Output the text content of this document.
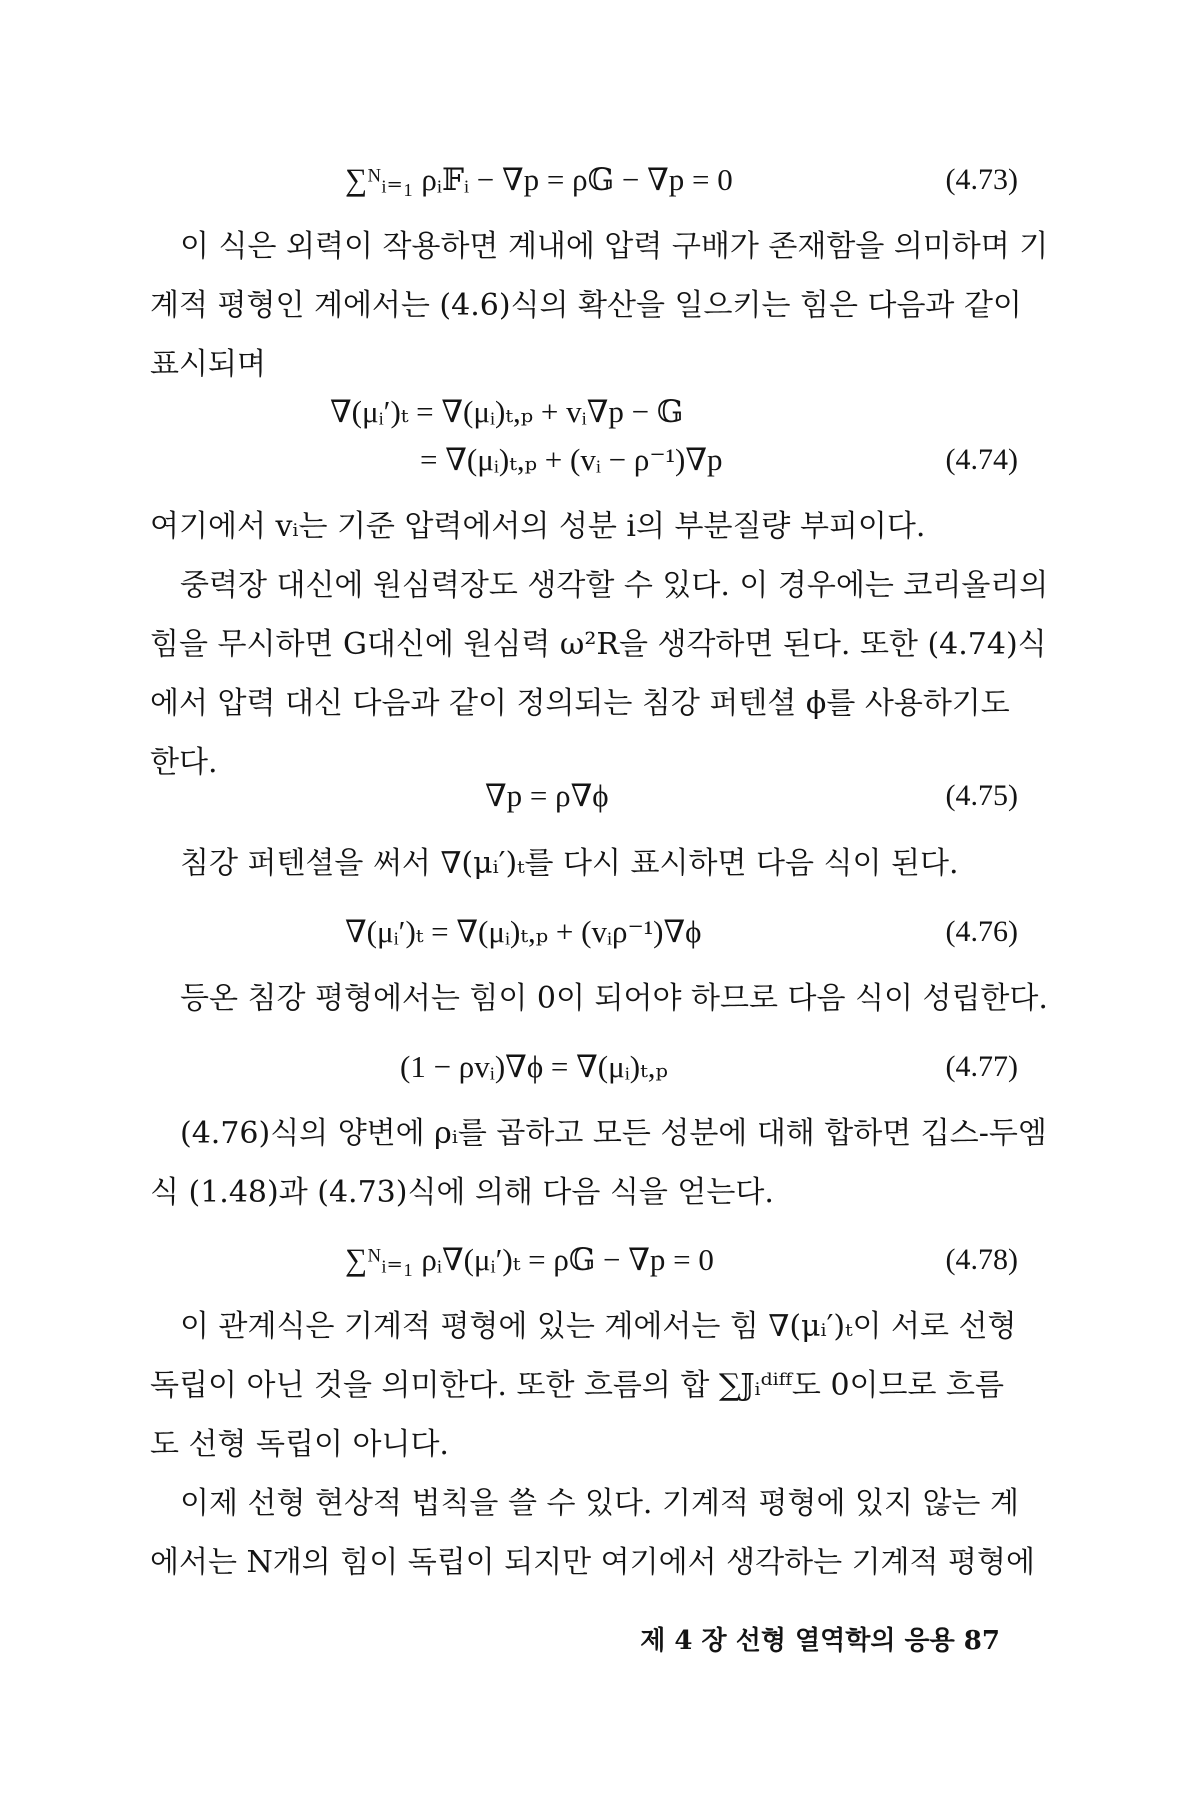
∑ᴺᵢ₌₁ ρᵢ𝔽ᵢ − ∇p = ρ𝔾 − ∇p = 0	(4.73)
이 식은 외력이 작용하면 계내에 압력 구배가 존재함을 의미하며 기
계적 평형인 계에서는 (4.6)식의 확산을 일으키는 힘은 다음과 같이
표시되며
∇(μᵢ′)ₜ = ∇(μᵢ)ₜ,ₚ + vᵢ∇p − 𝔾
= ∇(μᵢ)ₜ,ₚ + (vᵢ − ρ⁻¹)∇p	(4.74)
여기에서 vᵢ는 기준 압력에서의 성분 i의 부분질량 부피이다.
중력장 대신에 원심력장도 생각할 수 있다. 이 경우에는 코리올리의
힘을 무시하면 G대신에 원심력 ω²R을 생각하면 된다. 또한 (4.74)식
에서 압력 대신 다음과 같이 정의되는 침강 퍼텐셜 ϕ를 사용하기도
한다.
∇p = ρ∇ϕ	(4.75)
침강 퍼텐셜을 써서 ∇(μᵢ′)ₜ를 다시 표시하면 다음 식이 된다.
∇(μᵢ′)ₜ = ∇(μᵢ)ₜ,ₚ + (vᵢρ⁻¹)∇ϕ	(4.76)
등온 침강 평형에서는 힘이 0이 되어야 하므로 다음 식이 성립한다.
(1 − ρvᵢ)∇ϕ = ∇(μᵢ)ₜ,ₚ	(4.77)
(4.76)식의 양변에 ρᵢ를 곱하고 모든 성분에 대해 합하면 깁스-두엠
식 (1.48)과 (4.73)식에 의해 다음 식을 얻는다.
∑ᴺᵢ₌₁ ρᵢ∇(μᵢ′)ₜ = ρ𝔾 − ∇p = 0	(4.78)
이 관계식은 기계적 평형에 있는 계에서는 힘 ∇(μᵢ′)ₜ이 서로 선형
독립이 아닌 것을 의미한다. 또한 흐름의 합 ∑𝕁ᵢᵈⁱᶠᶠ도 0이므로 흐름
도 선형 독립이 아니다.
이제 선형 현상적 법칙을 쓸 수 있다. 기계적 평형에 있지 않는 계
에서는 N개의 힘이 독립이 되지만 여기에서 생각하는 기계적 평형에
제 4 장 선형 열역학의 응용 87
